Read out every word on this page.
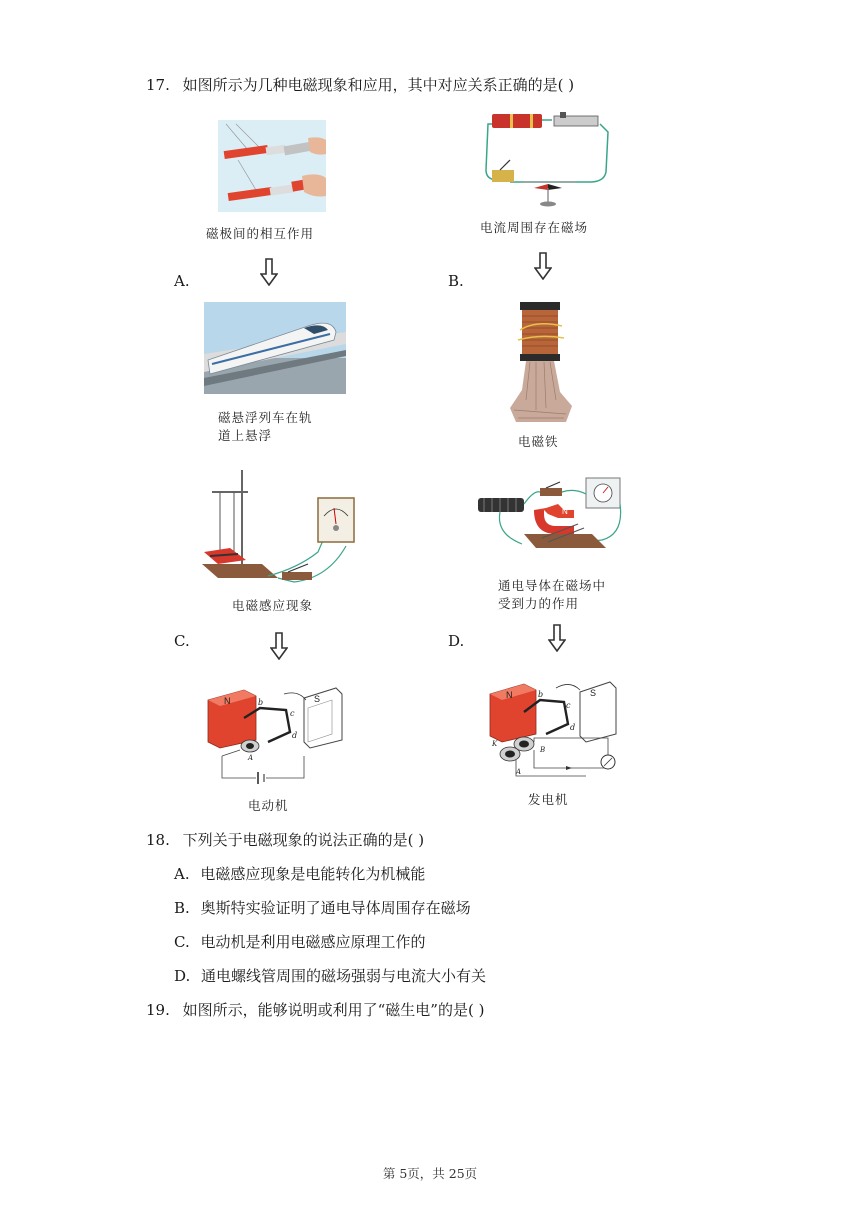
17. 如图所示为几种电磁现象和应用，其中对应关系正确的是( )
磁极间的相互作用
A.
磁悬浮列车在轨
道上悬浮
电流周围存在磁场
B.
电磁铁
电磁感应现象
C.
N	S
b
c
d
A
电动机
N
通电导体在磁场中
受到力的作用
D.
N	S
b
c
d
K
B
A
发电机
18. 下列关于电磁现象的说法正确的是( )
A. 电磁感应现象是电能转化为机械能
B. 奥斯特实验证明了通电导体周围存在磁场
C. 电动机是利用电磁感应原理工作的
D. 通电螺线管周围的磁场强弱与电流大小有关
19. 如图所示，能够说明或利用了“磁生电”的是( )
第 5页，共 25页
